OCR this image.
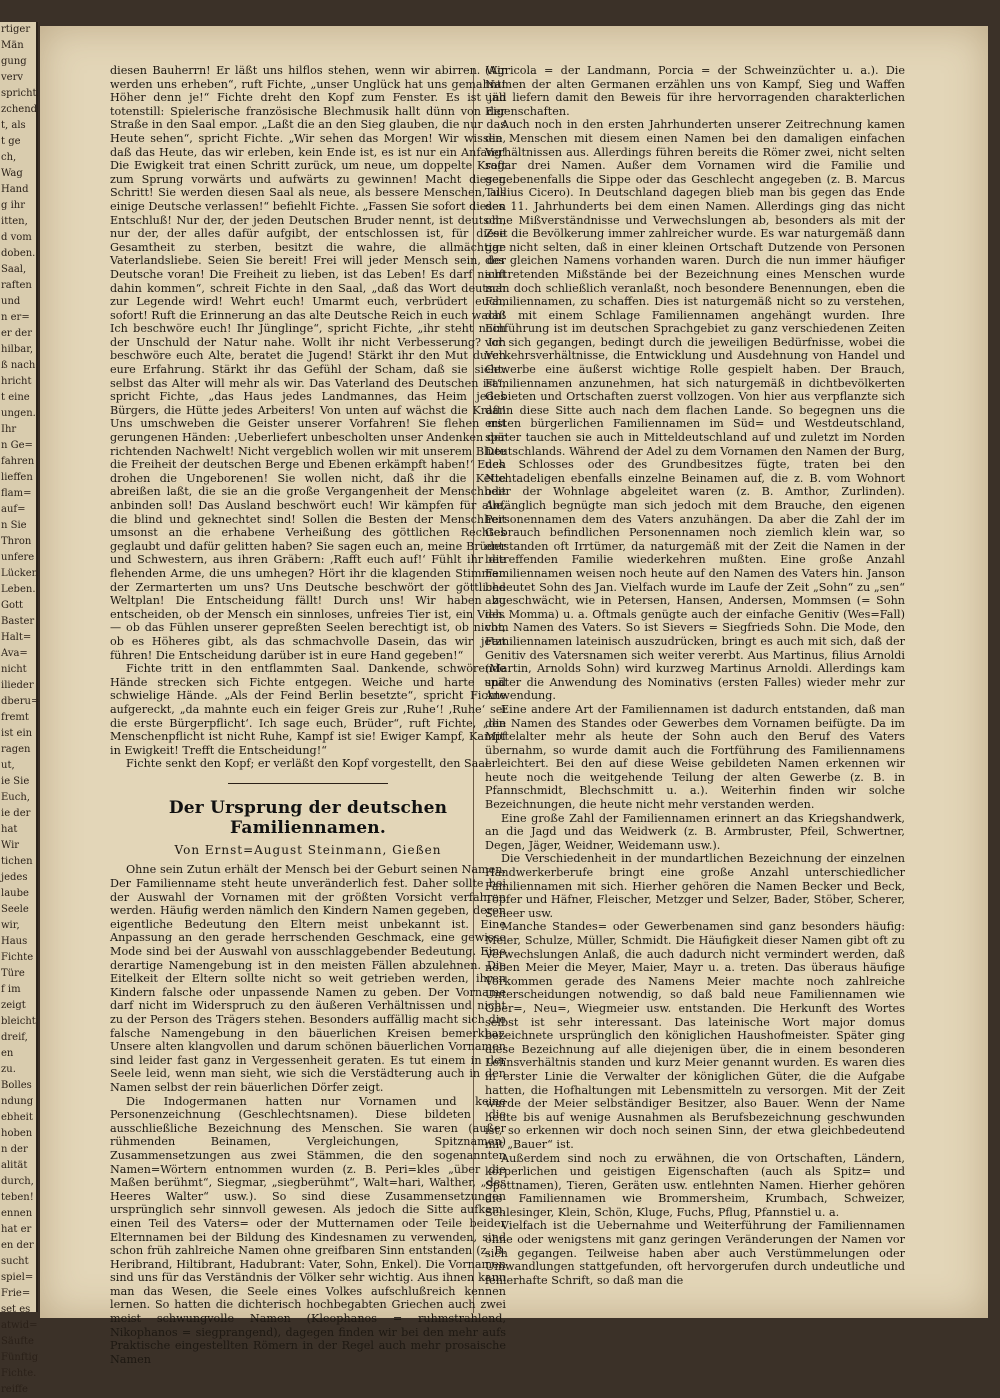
rtiger
Män
gung
verv
spricht
zchend
t, als
t ge
ch,
Wag
Hand
g ihr
itten,
d vom
doben.
Saal,
raften
und
n er=
er der
hilbar,
ß nach
hricht
t eine
ungen.
Ihr
n Ge=
fahren
lieffen
flam=
auf=
n Sie
Thron
unfere
Lücken
Leben.
Gott
Baster
Halt=
Ava=
nicht
ilieder
dberu=
fremt
ist ein
ragen
ut,
ie Sie
Euch,
ie der
hat
Wir
tichen
jedes
laube
Seele
wir,
Haus
Fichte
Türe
f im
zeigt
bleicht
dreif,
en
zu.
Bolles
ndung
ebheit
hoben
n der
alität
durch,
teben!
ennen
hat er
en der
sucht
spiel=
Frie=
set es
atwid=
Säufte
Fünftig
Fichte.
reiffe

diesen Bauherrn! Er läßt uns hilflos stehen, wenn wir abirren. Wir werden uns erheben“, ruft Fichte, „unser Unglück hat uns gemahnt! Höher denn je!“ Fichte dreht den Kopf zum Fenster. Es ist jäh totenstill: Spielerische französische Blechmusik hallt dünn von der Straße in den Saal empor. „Laßt die an den Sieg glauben, die nur das Heute sehen“, spricht Fichte. „Wir sehen das Morgen! Wir wissen, daß das Heute, das wir erleben, kein Ende ist, es ist nur ein Anfang! Die Ewigkeit trat einen Schritt zurück, um neue, um doppelte Kraft zum Sprung vorwärts und aufwärts zu gewinnen! Macht diesen Schritt! Sie werden diesen Saal als neue, als bessere Menschen, als einige Deutsche verlassen!“ befiehlt Fichte. „Fassen Sie sofort diesen Entschluß! Nur der, der jeden Deutschen Bruder nennt, ist deutsch, nur der, der alles dafür aufgibt, der entschlossen ist, für diese Gesamtheit zu sterben, besitzt die wahre, die allmächtige Vaterlandsliebe. Seien Sie bereit! Frei will jeder Mensch sein, der Deutsche voran! Die Freiheit zu lieben, ist das Leben! Es darf nicht dahin kommen“, schreit Fichte in den Saal, „daß das Wort deutsch zur Legende wird! Wehrt euch! Umarmt euch, verbrüdert euch, sofort! Ruft die Erinnerung an das alte Deutsche Reich in euch wach! Ich beschwöre euch! Ihr Jünglinge“, spricht Fichte, „ihr steht noch der Unschuld der Natur nahe. Wollt ihr nicht Verbesserung? Ich beschwöre euch Alte, beratet die Jugend! Stärkt ihr den Mut durch eure Erfahrung. Stärkt ihr das Gefühl der Scham, daß sie sieht: selbst das Alter will mehr als wir. Das Vaterland des Deutschen ist“, spricht Fichte, „das Haus jedes Landmannes, das Heim jedes Bürgers, die Hütte jedes Arbeiters! Von unten auf wächst die Kraft! Uns umschweben die Geister unserer Vorfahren! Sie flehen mit gerungenen Händen: ‚Ueberliefert unbescholten unser Andenken der richtenden Nachwelt! Nicht vergeblich wollen wir mit unserem Blute die Freiheit der deutschen Berge und Ebenen erkämpft haben!‘ Euch drohen die Ungeborenen! Sie wollen nicht, daß ihr die Kette abreißen laßt, die sie an die große Vergangenheit der Menschheit anbinden soll! Das Ausland beschwört euch! Wir kämpfen für alle, die blind und geknechtet sind! Sollen die Besten der Menschheit umsonst an die erhabene Verheißung des göttlichen Rechtes geglaubt und dafür gelitten haben? Sie sagen euch an, meine Brüder und Schwestern, aus ihren Gräbern: ‚Rafft euch auf!‘ Fühlt ihr die flehenden Arme, die uns umhegen? Hört ihr die klagenden Stimmen der Zermarterten um uns? Uns Deutsche beschwört der göttliche Weltplan! Die Entscheidung fällt! Durch uns! Wir haben zu entscheiden, ob der Mensch ein sinnloses, unfreies Tier ist, ein Vieh. — ob das Fühlen unserer gepreßten Seelen berechtigt ist, ob nicht, ob es Höheres gibt, als das schmachvolle Dasein, das wir jetzt führen! Die Entscheidung darüber ist in eure Hand gegeben!“

Fichte tritt in den entflammten Saal. Dankende, schwörende Hände strecken sich Fichte entgegen. Weiche und harte und schwielige Hände. „Als der Feind Berlin besetzte“, spricht Fichte aufgereckt, „da mahnte euch ein feiger Greis zur ‚Ruhe‘! ‚Ruhe‘ sei die erste Bürgerpflicht‘. Ich sage euch, Brüder“, ruft Fichte, „die Menschenpflicht ist nicht Ruhe, Kampf ist sie! Ewiger Kampf, Kampf in Ewigkeit! Trefft die Entscheidung!“

Fichte senkt den Kopf; er verläßt den Kopf vorgestellt, den Saal.

Der Ursprung der deutschen Familiennamen.
Von Ernst=August Steinmann, Gießen

Ohne sein Zutun erhält der Mensch bei der Geburt seinen Namen. Der Familienname steht heute unveränderlich fest. Daher sollte bei der Auswahl der Vornamen mit der größten Vorsicht verfahren werden. Häufig werden nämlich den Kindern Namen gegeben, deren eigentliche Bedeutung den Eltern meist unbekannt ist. Eine Anpassung an den gerade herrschenden Geschmack, eine gewisse Mode sind bei der Auswahl von ausschlaggebender Bedeutung. Eine derartige Namengebung ist in den meisten Fällen abzulehnen. Die Eitelkeit der Eltern sollte nicht so weit getrieben werden, ihren Kindern falsche oder unpassende Namen zu geben. Der Vorname darf nicht im Widerspruch zu den äußeren Verhältnissen und nicht zu der Person des Trägers stehen. Besonders auffällig macht sich die falsche Namengebung in den bäuerlichen Kreisen bemerkbar. Unsere alten klangvollen und darum schönen bäuerlichen Vornamen sind leider fast ganz in Vergessenheit geraten. Es tut einem in der Seele leid, wenn man sieht, wie sich die Verstädterung auch in den Namen selbst der rein bäuerlichen Dörfer zeigt.

Die Indogermanen hatten nur Vornamen und keine Personenzeichnung (Geschlechtsnamen). Diese bildeten die ausschließliche Bezeichnung des Menschen. Sie waren (außer rühmenden Beinamen, Vergleichungen, Spitznamen) Zusammensetzungen aus zwei Stämmen, die den sogenannten Namen=Wörtern entnommen wurden (z. B. Peri=kles „über die Maßen berühmt“, Siegmar, „siegberühmt“, Walt=hari, Walther, „des Heeres Walter“ usw.). So sind diese Zusammensetzungen ursprünglich sehr sinnvoll gewesen. Als jedoch die Sitte aufkam, einen Teil des Vaters= oder der Mutternamen oder Teile beider Elternnamen bei der Bildung des Kindesnamen zu verwenden, sind schon früh zahlreiche Namen ohne greifbaren Sinn entstanden (z. B. Heribrand, Hiltibrant, Hadubrant: Vater, Sohn, Enkel). Die Vornamen sind uns für das Verständnis der Völker sehr wichtig. Aus ihnen kann man das Wesen, die Seele eines Volkes aufschlußreich kennen lernen. So hatten die dichterisch hochbegabten Griechen auch zwei meist schwungvolle Namen (Kleophanos = ruhmstrahlend, Nikophanos = siegprangend), dagegen finden wir bei den mehr aufs Praktische eingestellten Römern in der Regel auch mehr prosaische Namen

(Agricola = der Landmann, Porcia = der Schweinzüchter u. a.). Die Namen der alten Germanen erzählen uns von Kampf, Sieg und Waffen und liefern damit den Beweis für ihre hervorragenden charakterlichen Eigenschaften.

Auch noch in den ersten Jahrhunderten unserer Zeitrechnung kamen die Menschen mit diesem einen Namen bei den damaligen einfachen Verhältnissen aus. Allerdings führen bereits die Römer zwei, nicht selten sogar drei Namen. Außer dem Vornamen wird die Familie und gegebenenfalls die Sippe oder das Geschlecht angegeben (z. B. Marcus Tullius Cicero). In Deutschland dagegen blieb man bis gegen das Ende des 11. Jahrhunderts bei dem einen Namen. Allerdings ging das nicht ohne Mißverständnisse und Verwechslungen ab, besonders als mit der Zeit die Bevölkerung immer zahlreicher wurde. Es war naturgemäß dann gar nicht selten, daß in einer kleinen Ortschaft Dutzende von Personen des gleichen Namens vorhanden waren. Durch die nun immer häufiger auftretenden Mißstände bei der Bezeichnung eines Menschen wurde man doch schließlich veranlaßt, noch besondere Benennungen, eben die Familiennamen, zu schaffen. Dies ist naturgemäß nicht so zu verstehen, daß mit einem Schlage Familiennamen angehängt wurden. Ihre Einführung ist im deutschen Sprachgebiet zu ganz verschiedenen Zeiten vor sich gegangen, bedingt durch die jeweiligen Bedürfnisse, wobei die Verkehrsverhältnisse, die Entwicklung und Ausdehnung von Handel und Gewerbe eine äußerst wichtige Rolle gespielt haben. Der Brauch, Familiennamen anzunehmen, hat sich naturgemäß in dichtbevölkerten Gebieten und Ortschaften zuerst vollzogen. Von hier aus verpflanzte sich dann diese Sitte auch nach dem flachen Lande. So begegnen uns die ersten bürgerlichen Familiennamen im Süd= und Westdeutschland, später tauchen sie auch in Mitteldeutschland auf und zuletzt im Norden Deutschlands. Während der Adel zu dem Vornamen den Namen der Burg, des Schlosses oder des Grundbesitzes fügte, traten bei den Nichtadeligen ebenfalls einzelne Beinamen auf, die z. B. vom Wohnort oder der Wohnlage abgeleitet waren (z. B. Amthor, Zurlinden). Anfänglich begnügte man sich jedoch mit dem Brauche, den eigenen Personennamen dem des Vaters anzuhängen. Da aber die Zahl der im Gebrauch befindlichen Personennamen noch ziemlich klein war, so entstanden oft Irrtümer, da naturgemäß mit der Zeit die Namen in der betreffenden Familie wiederkehren mußten. Eine große Anzahl Familiennamen weisen noch heute auf den Namen des Vaters hin. Janson bedeutet Sohn des Jan. Vielfach wurde im Laufe der Zeit „Sohn“ zu „sen“ abgeschwächt, wie in Petersen, Hansen, Andersen, Mommsen (= Sohn des Momma) u. a. Oftmals genügte auch der einfache Genitiv (Wes=Fall) vom Namen des Vaters. So ist Sievers = Siegfrieds Sohn. Die Mode, den Familiennamen lateinisch auszudrücken, bringt es auch mit sich, daß der Genitiv des Vatersnamen sich weiter vererbt. Aus Martinus, filius Arnoldi (Martin, Arnolds Sohn) wird kurzweg Martinus Arnoldi. Allerdings kam später die Anwendung des Nominativs (ersten Falles) wieder mehr zur Anwendung.

Eine andere Art der Familiennamen ist dadurch entstanden, daß man den Namen des Standes oder Gewerbes dem Vornamen beifügte. Da im Mittelalter mehr als heute der Sohn auch den Beruf des Vaters übernahm, so wurde damit auch die Fortführung des Familiennamens erleichtert. Bei den auf diese Weise gebildeten Namen erkennen wir heute noch die weitgehende Teilung der alten Gewerbe (z. B. in Pfannschmidt, Blechschmitt u. a.). Weiterhin finden wir solche Bezeichnungen, die heute nicht mehr verstanden werden.

Eine große Zahl der Familiennamen erinnert an das Kriegshandwerk, an die Jagd und das Weidwerk (z. B. Armbruster, Pfeil, Schwertner, Degen, Jäger, Weidner, Weidemann usw.).

Die Verschiedenheit in der mundartlichen Bezeichnung der einzelnen Handwerkerberufe bringt eine große Anzahl unterschiedlicher Familiennamen mit sich. Hierher gehören die Namen Becker und Beck, Töpfer und Häfner, Fleischer, Metzger und Selzer, Bader, Stöber, Scherer, Scheer usw.

Manche Standes= oder Gewerbenamen sind ganz besonders häufig: Meier, Schulze, Müller, Schmidt. Die Häufigkeit dieser Namen gibt oft zu Verwechslungen Anlaß, die auch dadurch nicht vermindert werden, daß neben Meier die Meyer, Maier, Mayr u. a. treten. Das überaus häufige Vorkommen gerade des Namens Meier machte noch zahlreiche Unterscheidungen notwendig, so daß bald neue Familiennamen wie Ober=, Neu=, Wiegmeier usw. entstanden. Die Herkunft des Wortes selbst ist sehr interessant. Das lateinische Wort major domus bezeichnete ursprünglich den königlichen Haushofmeister. Später ging diese Bezeichnung auf alle diejenigen über, die in einem besonderen Lehnsverhältnis standen und kurz Meier genannt wurden. Es waren dies in erster Linie die Verwalter der königlichen Güter, die die Aufgabe hatten, die Hofhaltungen mit Lebensmitteln zu versorgen. Mit der Zeit wurde der Meier selbständiger Besitzer, also Bauer. Wenn der Name heute bis auf wenige Ausnahmen als Berufsbezeichnung geschwunden ist, so erkennen wir doch noch seinen Sinn, der etwa gleichbedeutend mit „Bauer“ ist.

Außerdem sind noch zu erwähnen, die von Ortschaften, Ländern, körperlichen und geistigen Eigenschaften (auch als Spitz= und Spottnamen), Tieren, Geräten usw. entlehnten Namen. Hierher gehören die Familiennamen wie Brommersheim, Krumbach, Schweizer, Schlesinger, Klein, Schön, Kluge, Fuchs, Pflug, Pfannstiel u. a.

Vielfach ist die Uebernahme und Weiterführung der Familiennamen ohne oder wenigstens mit ganz geringen Veränderungen der Namen vor sich gegangen. Teilweise haben aber auch Verstümmelungen oder Umwandlungen stattgefunden, oft hervorgerufen durch undeutliche und fehlerhafte Schrift, so daß man die
